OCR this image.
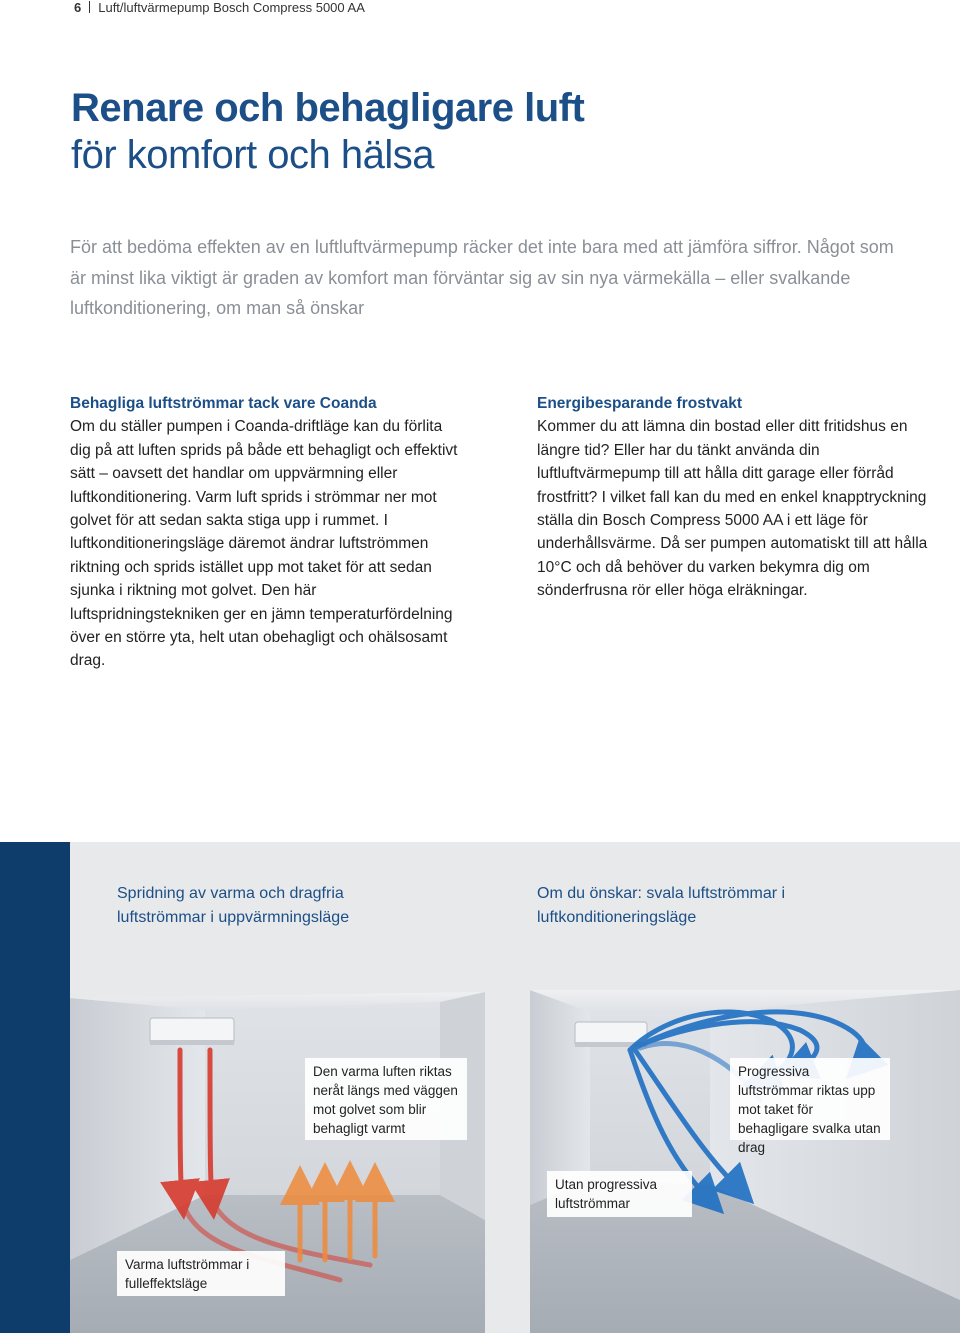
6 Luft/luftvärmepump Bosch Compress 5000 AA
Renare och behagligare luft
för komfort och hälsa
För att bedöma effekten av en luftluftvärmepump räcker det inte bara med att jämföra siffror. Något som är minst lika viktigt är graden av komfort man förväntar sig av sin nya värmekälla – eller svalkande luftkonditionering, om man så önskar
Behagliga luftströmmar tack vare Coanda

Om du ställer pumpen i Coanda-driftläge kan du förlita dig på att luften sprids på både ett behagligt och effektivt sätt – oavsett det handlar om uppvärmning eller luftkonditionering. Varm luft sprids i strömmar ner mot golvet för att sedan sakta stiga upp i rummet. I luftkonditioneringsläge däremot ändrar luftströmmen riktning och sprids istället upp mot taket för att sedan sjunka i riktning mot golvet. Den här luftspridningstekniken ger en jämn temperaturfördelning över en större yta, helt utan obehagligt och ohälsosamt drag.

Energibesparande frostvakt

Kommer du att lämna din bostad eller ditt fritidshus en längre tid? Eller har du tänkt använda din luftluftvärmepump till att hålla ditt garage eller förråd frostfritt? I vilket fall kan du med en enkel knapptryckning ställa din Bosch Compress 5000 AA i ett läge för underhållsvärme. Då ser pumpen automatiskt till att hålla 10°C och då behöver du varken bekymra dig om sönderfrusna rör eller höga elräkningar.

Spridning av varma och dragfria luftströmmar i uppvärmningsläge
Om du önskar: svala luftströmmar i luftkonditioneringsläge
Den varma luften riktas neråt längs med väggen mot golvet som blir behagligt varmt
Progressiva luftströmmar riktas upp mot taket för behagligare svalka utan drag
Utan progressiva luftströmmar
Varma luftströmmar i fulleffektsläge
